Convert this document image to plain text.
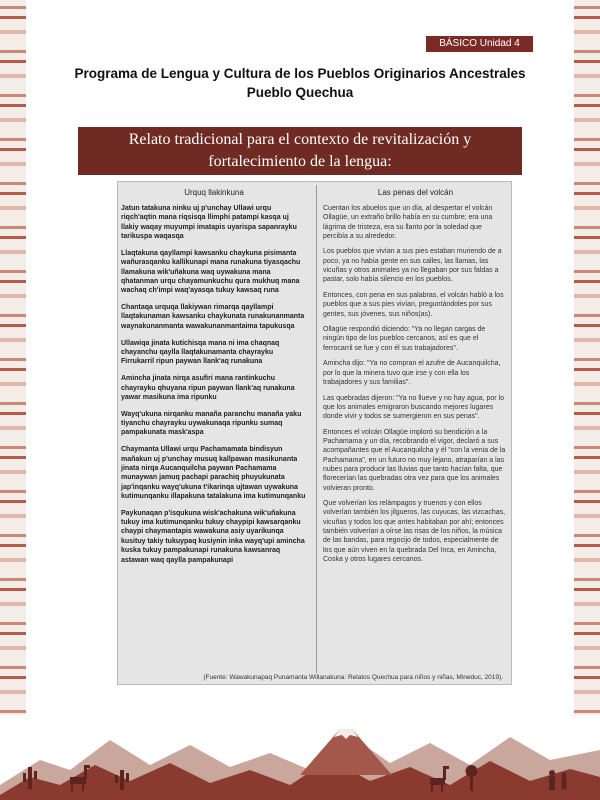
BÁSICO Unidad 4
Programa de Lengua y Cultura de los Pueblos Originarios Ancestrales
Pueblo Quechua
Relato tradicional para el contexto de revitalización y fortalecimiento de la lengua:
Urquq llakinkuna

Jatun tatakuna ninku uj p'unchay Ullawi urqu riqch'aqtin mana riqsisqa llimphi patampi kasqa uj llakiy waqay muyumpi imatapis uyarispa sapanrayku tarikuspa waqasqa

Llaqtakuna qayllampi kawsanku chaykuna pisimanta wañurasqanku kallikunapi mana runakuna tiyasqachu llamakuna wik'uñakuna waq uywakuna mana qhatanman urqu chayamunkuchu qura mukhuq mana wachaq ch'impi waq'ayasqa tukuy kawsaq runa

Chantaqa urquqa llakiywan rimarqa qayllampi llaqtakunaman kawsanku chaykunata runakunanmanta waynakunanmanta wawakunanmantaima tapukusqa

Ullawiqa jinata kutichisqa mana ni ima chaqnaq chayanchu qaylla llaqtakunamanta chayrayku Firrukarril ripun paywan llank'aq runakuna

Amincha jinata nirqa asufiri mana rantinkuchu chayrayku qhuyana ripun paywan llank'aq runakuna yawar masikuna ima ripunku

Wayq'ukuna nirqanku manaña paranchu manaña yaku tiyanchu chayrayku uywakunaqa ripunku sumaq pampakunata mask'aspa

Chaymanta Ullawi urqu Pachamamata bindisyun mañakun uj p'unchay musuq kallpawan masikunanta jinata nirqa Aucanquilcha paywan Pachamama munaywan jamuq pachapi parachiq phuyukunata jap'inqanku wayq'ukuna t'ikarinqa ujtawan uywakuna kutimunqanku illapakuna tatalakuna ima kutimunqanku

Paykunaqan p'isqukuna wisk'achakuna wik'uñakuna tukuy ima kutimunqanku tukuy chaypipi kawsarqanku chaypi chaymantapis wawakuna asiy uyarikunqa kusituy takiy tukuypaq kusiynin inka wayq'upi amincha kuska tukuy pampakunapi runakuna kawsanraq astawan waq qaylla pampakunapi

Las penas del volcán

Cuentan los abuelos que un día, al despertar el volcán Ollagüe, un extraño brillo había en su cumbre; era una lágrima de tristeza, era su llanto por la soledad que percibía a su alrededor.

Los pueblos que vivían a sus pies estaban muriendo de a poco, ya no había gente en sus calles, las llamas, las vicuñas y otros animales ya no llegaban por sus faldas a pastar, solo había silencio en los pueblos.

Entonces, con pena en sus palabras, el volcán habló a los pueblos que a sus pies vivían, preguntándoles por sus gentes, sus jóvenes, sus niños(as).

Ollagüe respondió diciendo: "Ya no llegan cargas de ningún tipo de los pueblos cercanos, así es que el ferrocarril se fue y con él sus trabajadores".

Amincha dijo: "Ya no compran el azufre de Aucanquilcha, por lo que la minera tuvo que irse y con ella los trabajadores y sus familias".

Las quebradas dijeron: "Ya no llueve y no hay agua, por lo que los animales emigraron buscando mejores lugares donde vivir y todos se sumergieron en sus penas".

Entonces el volcán Ollagüe imploró su bendición a la Pachamama y un día, recobrando el vigor, declaró a sus acompañantes que el Aucanquilcha y él "con la venia de la Pachamama", en un futuro no muy lejano, atraparían a las nubes para producir las lluvias que tanto hacían falta, que florecerían las quebradas otra vez para que los animales volvieran pronto.

Que volverían los relámpagos y truenos y con ellos volverían también los jilgueros, las cuyucas, las vizcachas, vicuñas y todos los que antes habitaban por ahí; entonces también volverían a oírse las risas de los niños, la música de las bandas, para regocijo de todos, especialmente de los que aún viven en la quebrada Del Inca, en Amincha, Coska y otros lugares cercanos.

(Fuente: Wawakunapaq Punamanta Willanakuna: Relatos Quechua para niños y niñas, Mineduc, 2019).
